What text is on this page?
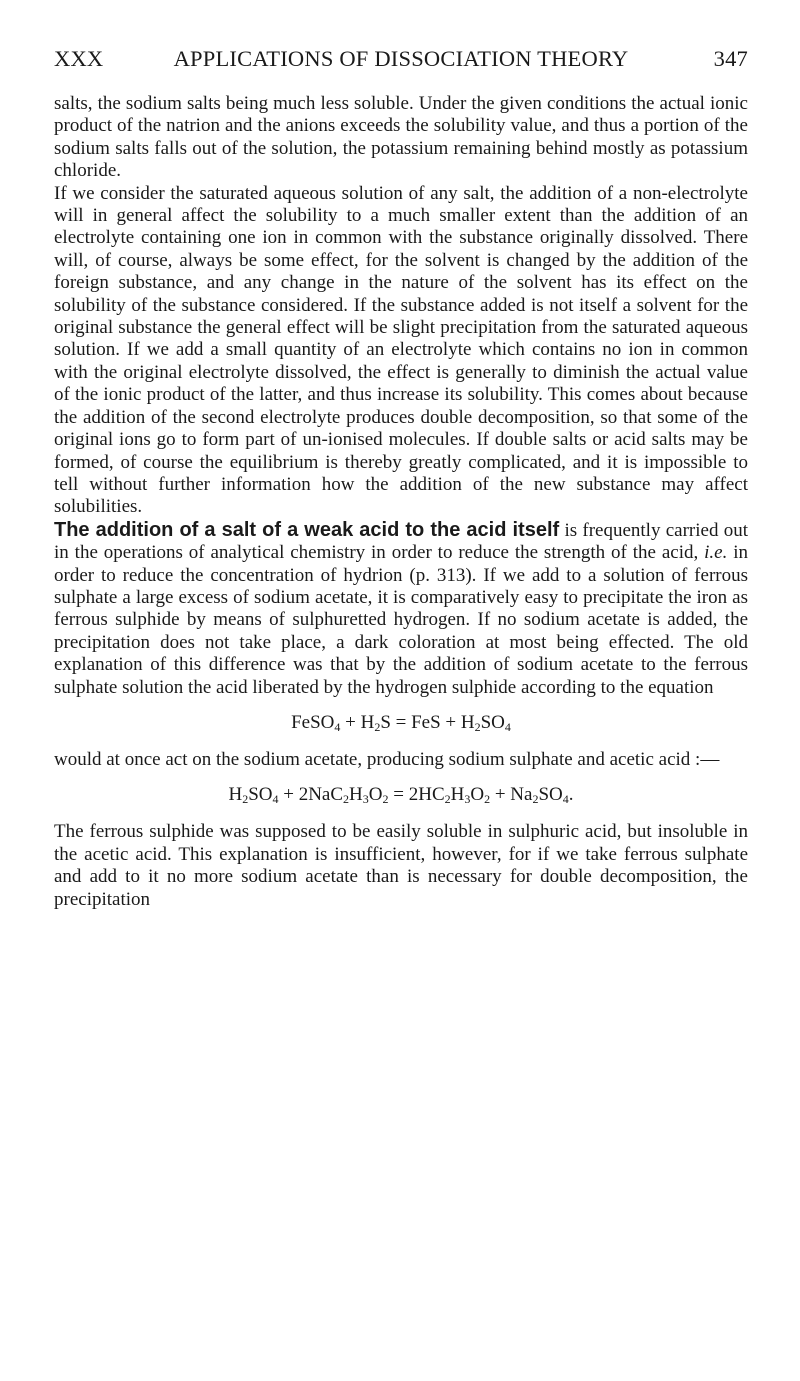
XXX	APPLICATIONS OF DISSOCIATION THEORY	347

salts, the sodium salts being much less soluble. Under the given conditions the actual ionic product of the natrion and the anions exceeds the solubility value, and thus a portion of the sodium salts falls out of the solution, the potassium remaining behind mostly as potassium chloride.

If we consider the saturated aqueous solution of any salt, the addition of a non-electrolyte will in general affect the solubility to a much smaller extent than the addition of an electrolyte containing one ion in common with the substance originally dissolved. There will, of course, always be some effect, for the solvent is changed by the addition of the foreign substance, and any change in the nature of the solvent has its effect on the solubility of the substance considered. If the substance added is not itself a solvent for the original substance the general effect will be slight precipitation from the saturated aqueous solution. If we add a small quantity of an electrolyte which contains no ion in common with the original electrolyte dissolved, the effect is generally to diminish the actual value of the ionic product of the latter, and thus increase its solubility. This comes about because the addition of the second electrolyte produces double decomposition, so that some of the original ions go to form part of un-ionised molecules. If double salts or acid salts may be formed, of course the equilibrium is thereby greatly complicated, and it is impossible to tell without further information how the addition of the new substance may affect solubilities.

The addition of a salt of a weak acid to the acid itself is frequently carried out in the operations of analytical chemistry in order to reduce the strength of the acid, i.e. in order to reduce the concentration of hydrion (p. 313). If we add to a solution of ferrous sulphate a large excess of sodium acetate, it is comparatively easy to precipitate the iron as ferrous sulphide by means of sulphuretted hydrogen. If no sodium acetate is added, the precipitation does not take place, a dark coloration at most being effected. The old explanation of this difference was that by the addition of sodium acetate to the ferrous sulphate solution the acid liberated by the hydrogen sulphide according to the equation

FeSO$_4$ + $H_2S$ = FeS + $H_2SO_4$

would at once act on the sodium acetate, producing sodium sulphate and acetic acid :—

$H_2SO_4 + 2NaC_2H_3O_2 = 2HC_2H_3O_2 + Na_2SO_4$.

The ferrous sulphide was supposed to be easily soluble in sulphuric acid, but insoluble in the acetic acid. This explanation is insufficient, however, for if we take ferrous sulphate and add to it no more sodium acetate than is necessary for double decomposition, the precipitation
